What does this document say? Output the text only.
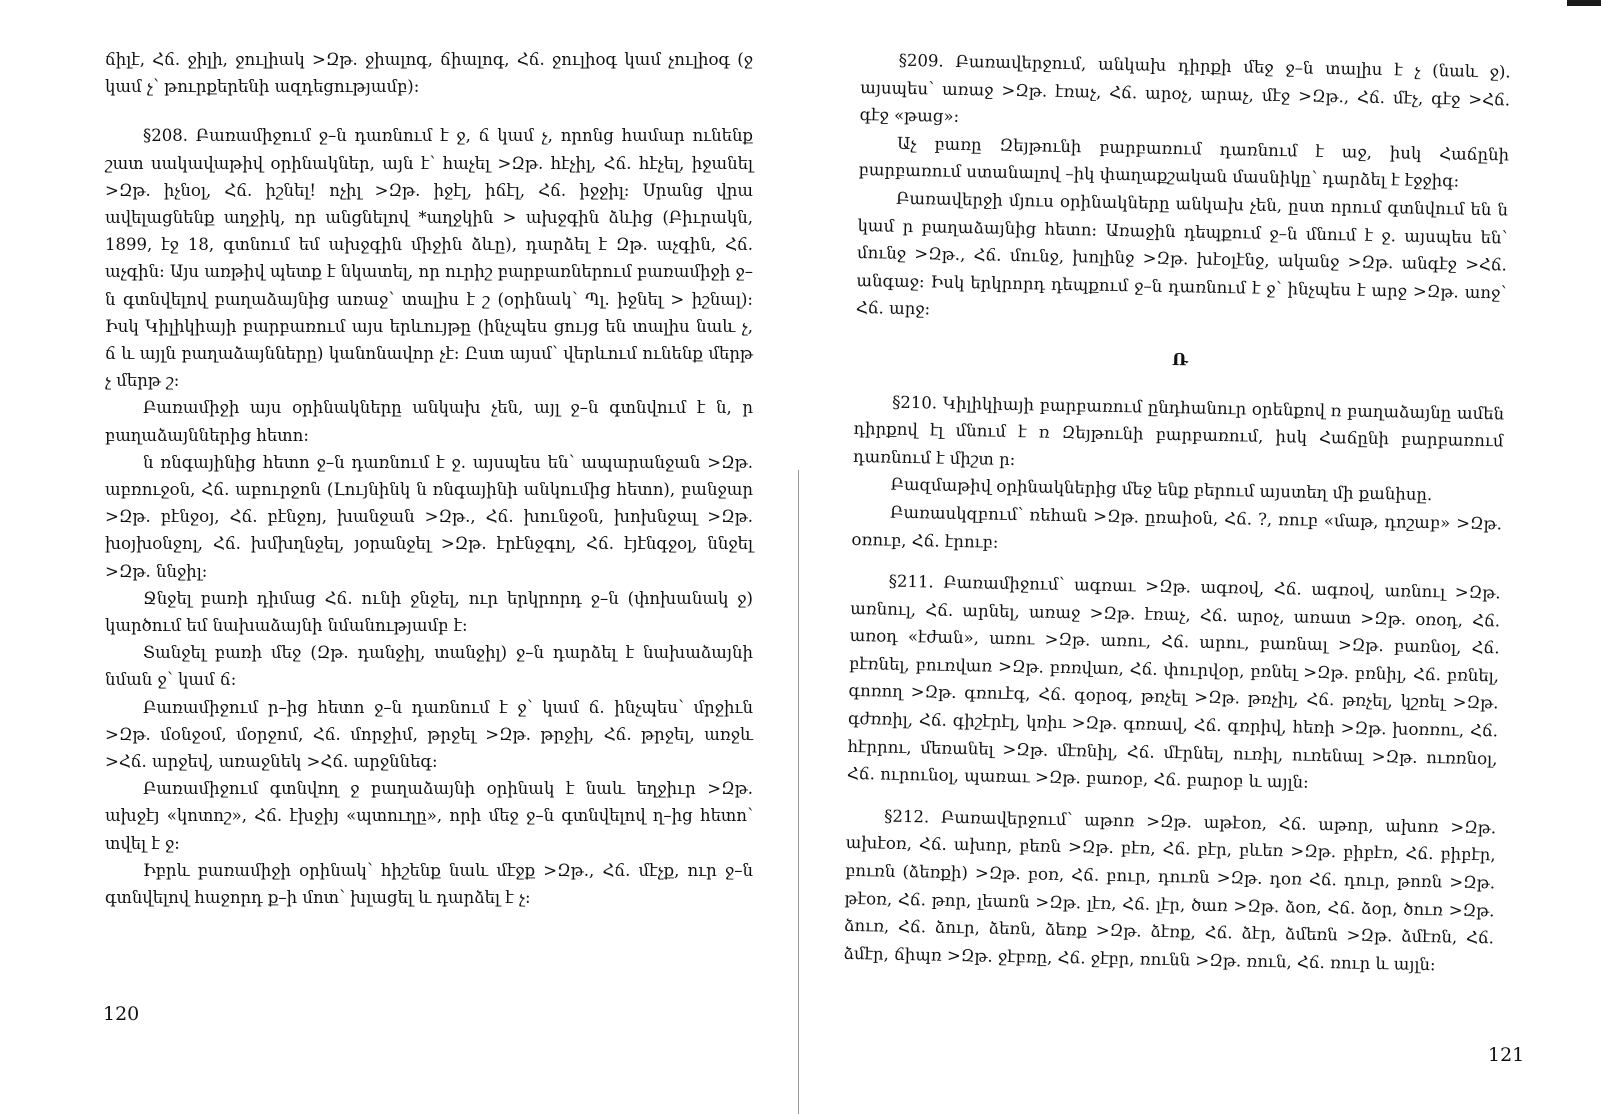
ճիլէ, Հճ. ջիլի, ջուլիակ >Զթ. ջիալոգ, ճիալոգ, Հճ. ջուլիօգ կամ չուլիօգ (ջ կամ չ՝ թուրքերենի ազդեցությամբ):

§208. Բառամիջում ջ–ն դառնում է ջ, ճ կամ չ, որոնց համար ունենք շատ սակավաթիվ օրինակներ, այն է՝ հաչել >Զթ. հէչիլ, Հճ. հէչել, իջանել >Զթ. իչնօլ, Հճ. իշնել! ոչիլ >Զթ. իջէլ, իճէլ, Հճ. իջջիլ: Սրանց վրա ավելացնենք աղջիկ, որ անցնելով *աղջկին > ախջգին ձևից (Բիւրակն, 1899, էջ 18, գտնում եմ ախջգին միջին ձևը), դարձել է Զթ. աչգին, Հճ. աչգին: Այս առթիվ պետք է նկատել, որ ուրիշ բարբառներում բառամիջի ջ–ն գտնվելով բաղաձայնից առաջ՝ տալիս է շ (օրինակ՝ Պլ. իջնել > իշնալ): Իսկ Կիլիկիայի բարբառում այս երևույթը (ինչպես ցույց են տալիս նաև չ, ճ և այլն բաղաձայնները) կանոնավոր չէ: Ըստ այսմ՝ վերևում ունենք մերթ չ մերթ շ:

Բառամիջի այս օրինակները անկախ չեն, այլ ջ–ն գտնվում է ն, ր բաղաձայններից հետո:

ն ռնգայինից հետո ջ–ն դառնում է ջ. այսպես են՝ ապարանջան >Զթ. աբռուջօն, Հճ. աբուրջոն (Լույնինկ ն ռնգայինի անկումից հետո), բանջար >Զթ. բէնջօյ, Հճ. բէնջոյ, խանջան >Զթ., Հճ. խունջօն, խոխնջալ >Զթ. խօյխօնջոլ, Հճ. խմխղնջել, յօրանջել >Զթ. էրէնջգոլ, Հճ. էյէնգջօլ, ննջել >Զթ. ննջիլ:

Ջնջել բառի դիմաց Հճ. ունի ջնջել, ուր երկրորդ ջ–ն (փոխանակ ջ) կարծում եմ նախաձայնի նմանությամբ է:

Տանջել բառի մեջ (Զթ. դանջիլ, տանջիլ) ջ–ն դարձել է նախաձայնի նման ջ՝ կամ ճ:

Բառամիջում ր–ից հետո ջ–ն դառնում է ջ՝ կամ ճ. ինչպես՝ մրջիւն >Զթ. մօնջօմ, մօրջոմ, Հճ. մորջիմ, թրջել >Զթ. թրջիլ, Հճ. թրջել, առջև >Հճ. արջեվ, առաջնեկ >Հճ. արջննեգ:

Բառամիջում գտնվող ջ բաղաձայնի օրինակ է նաև եղջիւր >Զթ. ախջէյ «կոտոշ», Հճ. էխջիյ «պտուղը», որի մեջ ջ–ն գտնվելով ղ–ից հետո՝ տվել է ջ:

Իբրև բառամիջի օրինակ՝ հիշենք նաև մէջք >Զթ., Հճ. մէչք, ուր ջ–ն գտնվելով հաջորդ ք–ի մոտ՝ խլացել և դարձել է չ:

120

§209. Բառավերջում, անկախ դիրքի մեջ ջ–ն տալիս է չ (նաև ջ). այսպես՝ առաջ >Զթ. էռաչ, Հճ. արօչ, արաչ, մէջ >Զթ., Հճ. մէչ, գէջ >Հճ. գէջ «թաց»:

Աչ բառը Զեյթունի բարբառում դառնում է աջ, իսկ Հաճընի բարբառում ստանալով –իկ փաղաքշական մասնիկը՝ դարձել է էջջիգ:

Բառավերջի մյուս օրինակները անկախ չեն, ըստ որում գտնվում են ն կամ ր բաղաձայնից հետո: Առաջին դեպքում ջ–ն մնում է ջ. այսպես են՝ մունջ >Զթ., Հճ. մունջ, խոլինջ >Զթ. խէօլէնջ, ականջ >Զթ. անգէջ >Հճ. անգաջ: Իսկ երկրորդ դեպքում ջ–ն դառնում է ջ՝ ինչպես է արջ >Զթ. աոջ՝ Հճ. արջ:

Ռ

§210. Կիլիկիայի բարբառում ընդհանուր օրենքով ռ բաղաձայնը ամեն դիրքով էլ մնում է ռ Զեյթունի բարբառում, իսկ Հաճընի բարբառում դառնում է միշտ ր:

Բազմաթիվ օրինակներից մեջ ենք բերում այստեղ մի քանիսը.

Բառասկզբում՝ ռեհան >Զթ. ըռաիօն, Հճ. ?, ռուբ «մաթ, դոշաբ» >Զթ. օռուբ, Հճ. էրուբ:

§211. Բառամիջում՝ ագռաւ >Զթ. ագռօվ, Հճ. ագռօվ, առնուլ >Զթ. առնուլ, Հճ. արնել, առաջ >Զթ. էռաչ, Հճ. արօչ, առատ >Զթ. օռօդ, Հճ. առօդ «էժան», առու >Զթ. առու, Հճ. արու, բառնալ >Զթ. բառնօլ, Հճ. բէռնել, բուռվառ >Զթ. բռռվառ, Հճ. փուրվօր, բռնել >Զթ. բռնիլ, Հճ. բռնել, գոռող >Զթ. գռուէգ, Հճ. գօրօգ, թռչել >Զթ. թռչիլ, Հճ. թռչել, կշռել >Զթ. գժռռիլ, Հճ. գիշէրէլ, կռիւ >Զթ. գռռավ, Հճ. գռրիվ, հեռի >Զթ. խօռռու, Հճ. հէրրու, մեռանել >Զթ. մէռնիլ, Հճ. մէրնել, ուռիլ, ուռենալ >Զթ. ուռռնօլ, Հճ. ուրունօլ, պառաւ >Զթ. բառօբ, Հճ. բարօբ և այլն:

§212. Բառավերջում՝ աթոռ >Զթ. աթէօռ, Հճ. աթոր, ախոռ >Զթ. ախէօռ, Հճ. ախոր, բեռն >Զթ. բէռ, Հճ. բէր, բևեռ >Զթ. բիբէռ, Հճ. բիբէր, բուռն (ձեռքի) >Զթ. բօռ, Հճ. բուր, դուռն >Զթ. դօռ Հճ. դուր, թոռն >Զթ. թէօռ, Հճ. թոր, լեառն >Զթ. լէռ, Հճ. լէր, ծառ >Զթ. ձօռ, Հճ. ձօր, ծուռ >Զթ. ձուռ, Հճ. ձուր, ձեռն, ձեռք >Զթ. ձէռք, Հճ. ձէր, ձմեռն >Զթ. ձմէռն, Հճ. ձմէր, ճիպռ >Զթ. ջէբռը, Հճ. ջէբր, ռունն >Զթ. ռուն, Հճ. ռուր և այլն:

121
